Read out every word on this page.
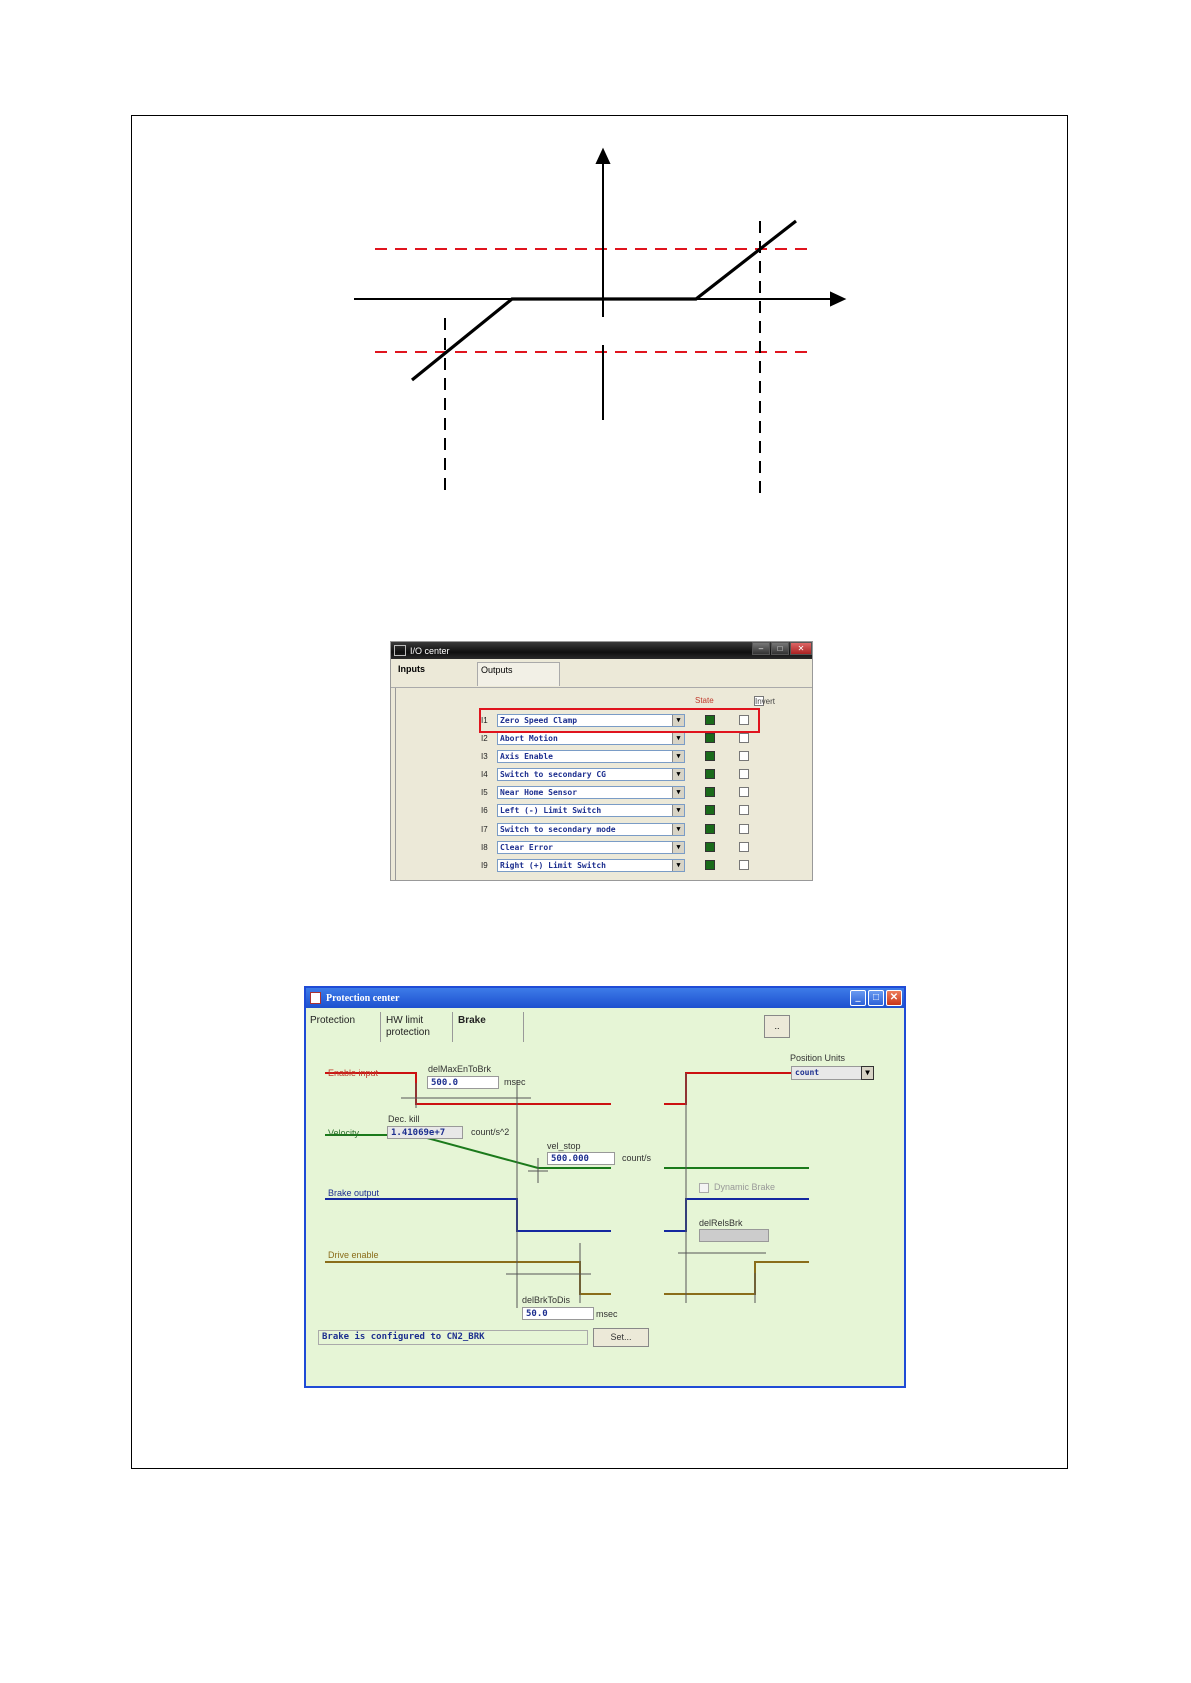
I/O center	–	□	✕
Inputs	Outputs
State	Invert
I1	Zero Speed Clamp	▼
I2	Abort Motion	▼
I3	Axis Enable	▼
I4	Switch to secondary CG	▼
I5	Near Home Sensor	▼
I6	Left (-) Limit Switch	▼
I7	Switch to secondary mode	▼
I8	Clear Error	▼
I9	Right (+) Limit Switch	▼
Protection center	_	□	✕
Protection	HW limit protection
Brake	..
Position Units
count	▼
Enable input	delMaxEnToBrk
500.0	msec
Dec. kill
1.41069e+7	count/s^2
Velocity
vel_stop
500.000	count/s
Brake output
Dynamic Brake
delRelsBrk
Drive enable
delBrkToDis
50.0	msec
Brake is configured to CN2_BRK	Set...
